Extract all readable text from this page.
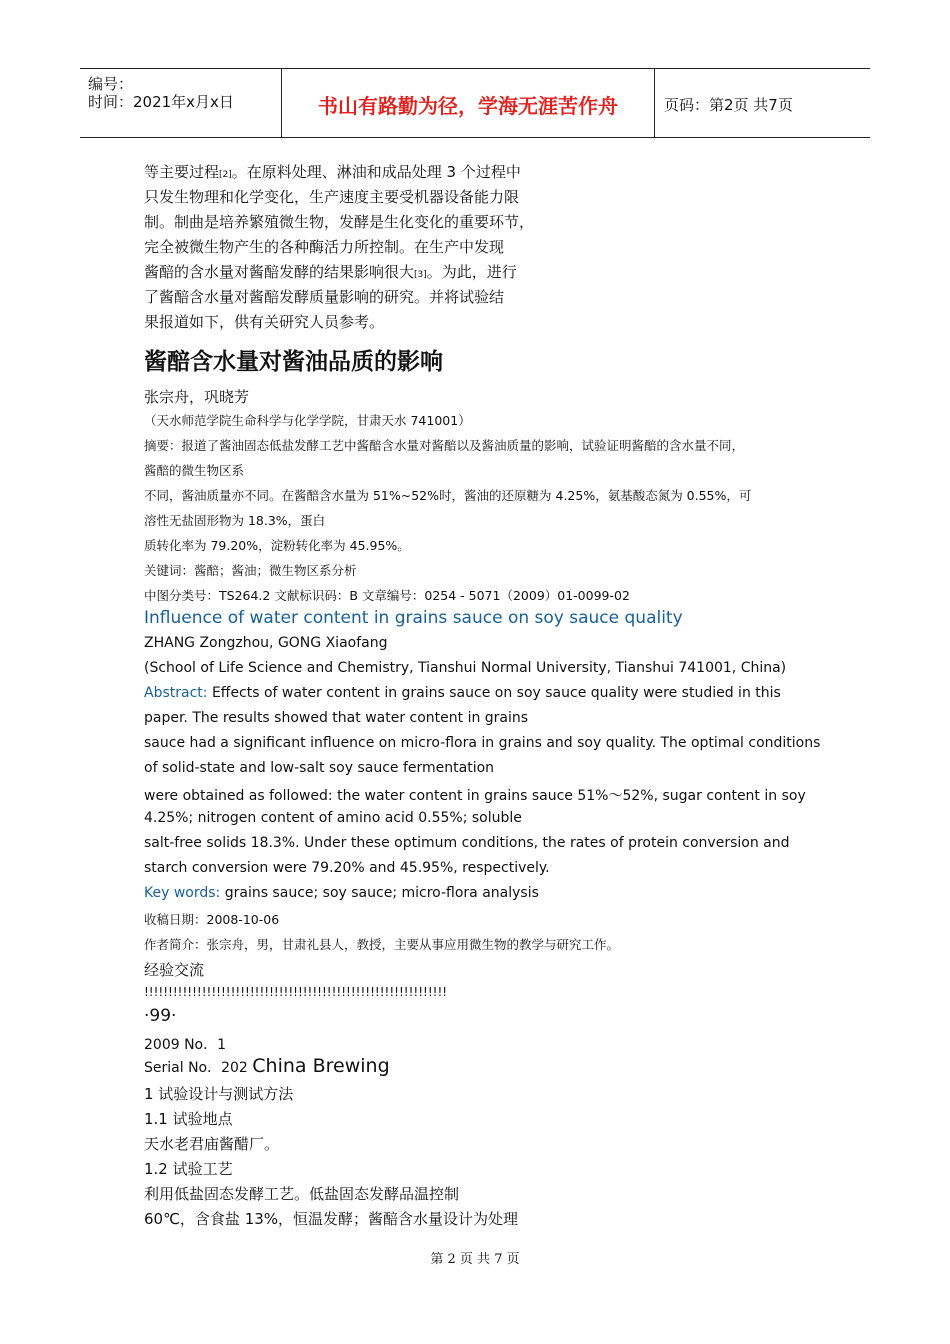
编号：
时间：2021年x月x日	书山有路勤为径，学海无涯苦作舟	页码：第2页 共7页
等主要过程[2]。在原料处理、淋油和成品处理 3 个过程中
只发生物理和化学变化，生产速度主要受机器设备能力限
制。制曲是培养繁殖微生物，发酵是生化变化的重要环节，
完全被微生物产生的各种酶活力所控制。在生产中发现
酱醅的含水量对酱醅发酵的结果影响很大[3]。为此，进行
了酱醅含水量对酱醅发酵质量影响的研究。并将试验结
果报道如下，供有关研究人员参考。
酱醅含水量对酱油品质的影响
张宗舟，巩晓芳
（天水师范学院生命科学与化学学院，甘肃天水 741001）
摘要：报道了酱油固态低盐发酵工艺中酱醅含水量对酱醅以及酱油质量的影响，试验证明酱醅的含水量不同，
酱醅的微生物区系
不同，酱油质量亦不同。在酱醅含水量为 51%~52%时，酱油的还原糖为 4.25%，氨基酸态氮为 0.55%，可
溶性无盐固形物为 18.3%，蛋白
质转化率为 79.20%，淀粉转化率为 45.95%。
关键词：酱醅；酱油；微生物区系分析
中图分类号：TS264.2 文献标识码：B 文章编号：0254 - 5071（2009）01-0099-02
Influence of water content in grains sauce on soy sauce quality
ZHANG Zongzhou, GONG Xiaofang
(School of Life Science and Chemistry, Tianshui Normal University, Tianshui 741001, China)
Abstract: Effects of water content in grains sauce on soy sauce quality were studied in this
paper. The results showed that water content in grains
sauce had a significant influence on micro-flora in grains and soy quality. The optimal conditions
of solid-state and low-salt soy sauce fermentation
were obtained as followed: the water content in grains sauce 51%～52%, sugar content in soy
4.25%; nitrogen content of amino acid 0.55%; soluble
salt-free solids 18.3%. Under these optimum conditions, the rates of protein conversion and
starch conversion were 79.20% and 45.95%, respectively.
Key words: grains sauce; soy sauce; micro-flora analysis
收稿日期：2008-10-06
作者简介：张宗舟，男，甘肃礼县人，教授，主要从事应用微生物的教学与研究工作。
经验交流
!!!!!!!!!!!!!!!!!!!!!!!!!!!!!!!!!!!!!!!!!!!!!!!!!!!!!!!!!!!!!!!
·99·
2009 No．1
Serial No．202 China Brewing
1 试验设计与测试方法
1.1 试验地点
天水老君庙酱醋厂。
1.2 试验工艺
利用低盐固态发酵工艺。低盐固态发酵品温控制
60℃，含食盐 13%，恒温发酵；酱醅含水量设计为处理
第 2 页 共 7 页
